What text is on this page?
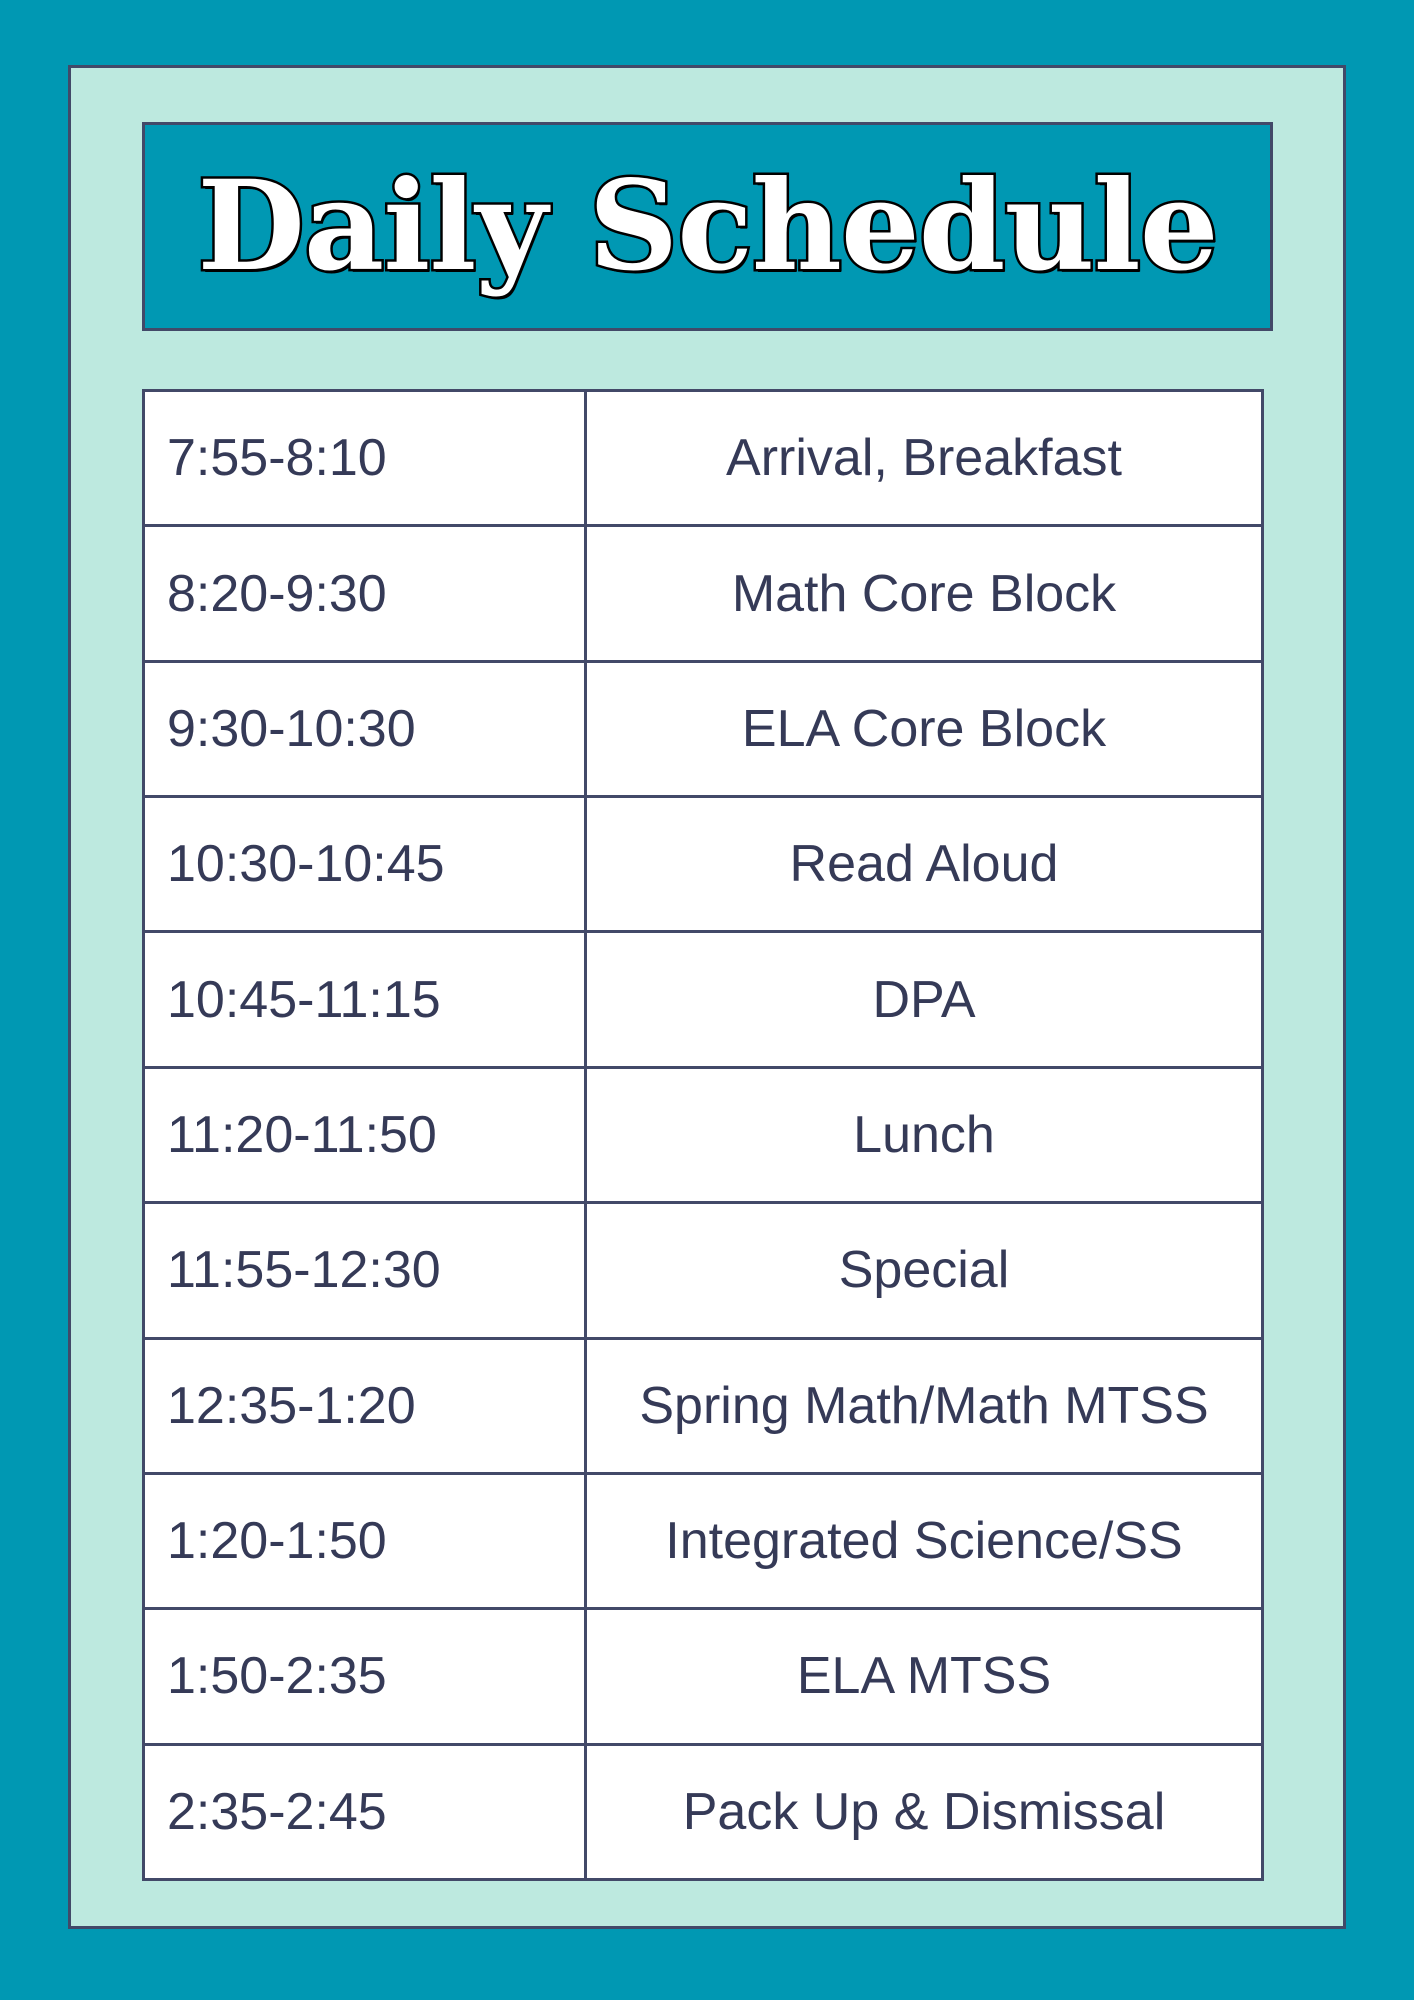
Daily Schedule
7:55-8:10	Arrival, Breakfast
8:20-9:30	Math Core Block
9:30-10:30	ELA Core Block
10:30-10:45	Read Aloud
10:45-11:15	DPA
11:20-11:50	Lunch
11:55-12:30	Special
12:35-1:20	Spring Math/Math MTSS
1:20-1:50	Integrated Science/SS
1:50-2:35	ELA MTSS
2:35-2:45	Pack Up & Dismissal
